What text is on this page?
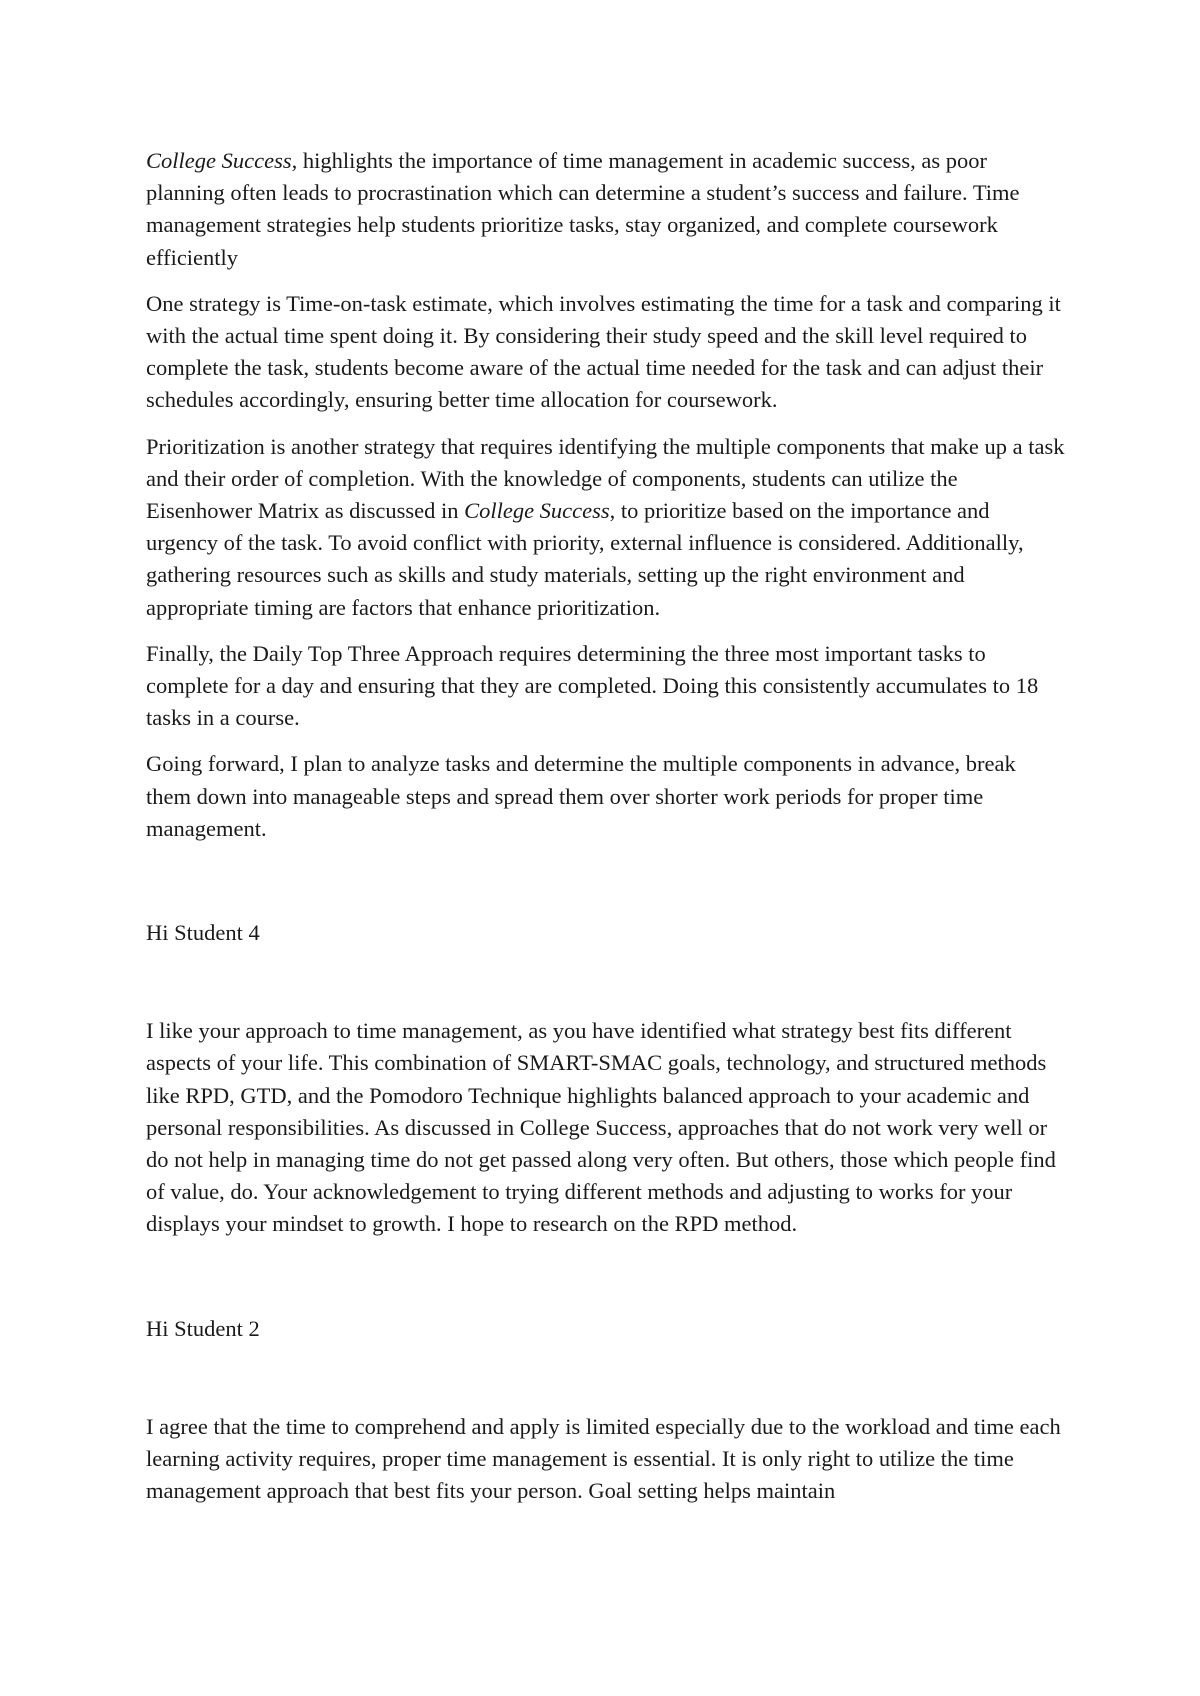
College Success, highlights the importance of time management in academic success, as poor planning often leads to procrastination which can determine a student’s success and failure. Time management strategies help students prioritize tasks, stay organized, and complete coursework efficiently

One strategy is Time-on-task estimate, which involves estimating the time for a task and comparing it with the actual time spent doing it. By considering their study speed and the skill level required to complete the task, students become aware of the actual time needed for the task and can adjust their schedules accordingly, ensuring better time allocation for coursework.

Prioritization is another strategy that requires identifying the multiple components that make up a task and their order of completion. With the knowledge of components, students can utilize the Eisenhower Matrix as discussed in College Success, to prioritize based on the importance and urgency of the task. To avoid conflict with priority, external influence is considered. Additionally, gathering resources such as skills and study materials, setting up the right environment and appropriate timing are factors that enhance prioritization.

Finally, the Daily Top Three Approach requires determining the three most important tasks to complete for a day and ensuring that they are completed. Doing this consistently accumulates to 18 tasks in a course.

Going forward, I plan to analyze tasks and determine the multiple components in advance, break them down into manageable steps and spread them over shorter work periods for proper time management.

Hi Student 4

I like your approach to time management, as you have identified what strategy best fits different aspects of your life. This combination of SMART-SMAC goals, technology, and structured methods like RPD, GTD, and the Pomodoro Technique highlights balanced approach to your academic and personal responsibilities. As discussed in College Success, approaches that do not work very well or do not help in managing time do not get passed along very often. But others, those which people find of value, do. Your acknowledgement to trying different methods and adjusting to works for your displays your mindset to growth. I hope to research on the RPD method.

Hi Student 2

I agree that the time to comprehend and apply is limited especially due to the workload and time each learning activity requires, proper time management is essential. It is only right to utilize the time management approach that best fits your person. Goal setting helps maintain
